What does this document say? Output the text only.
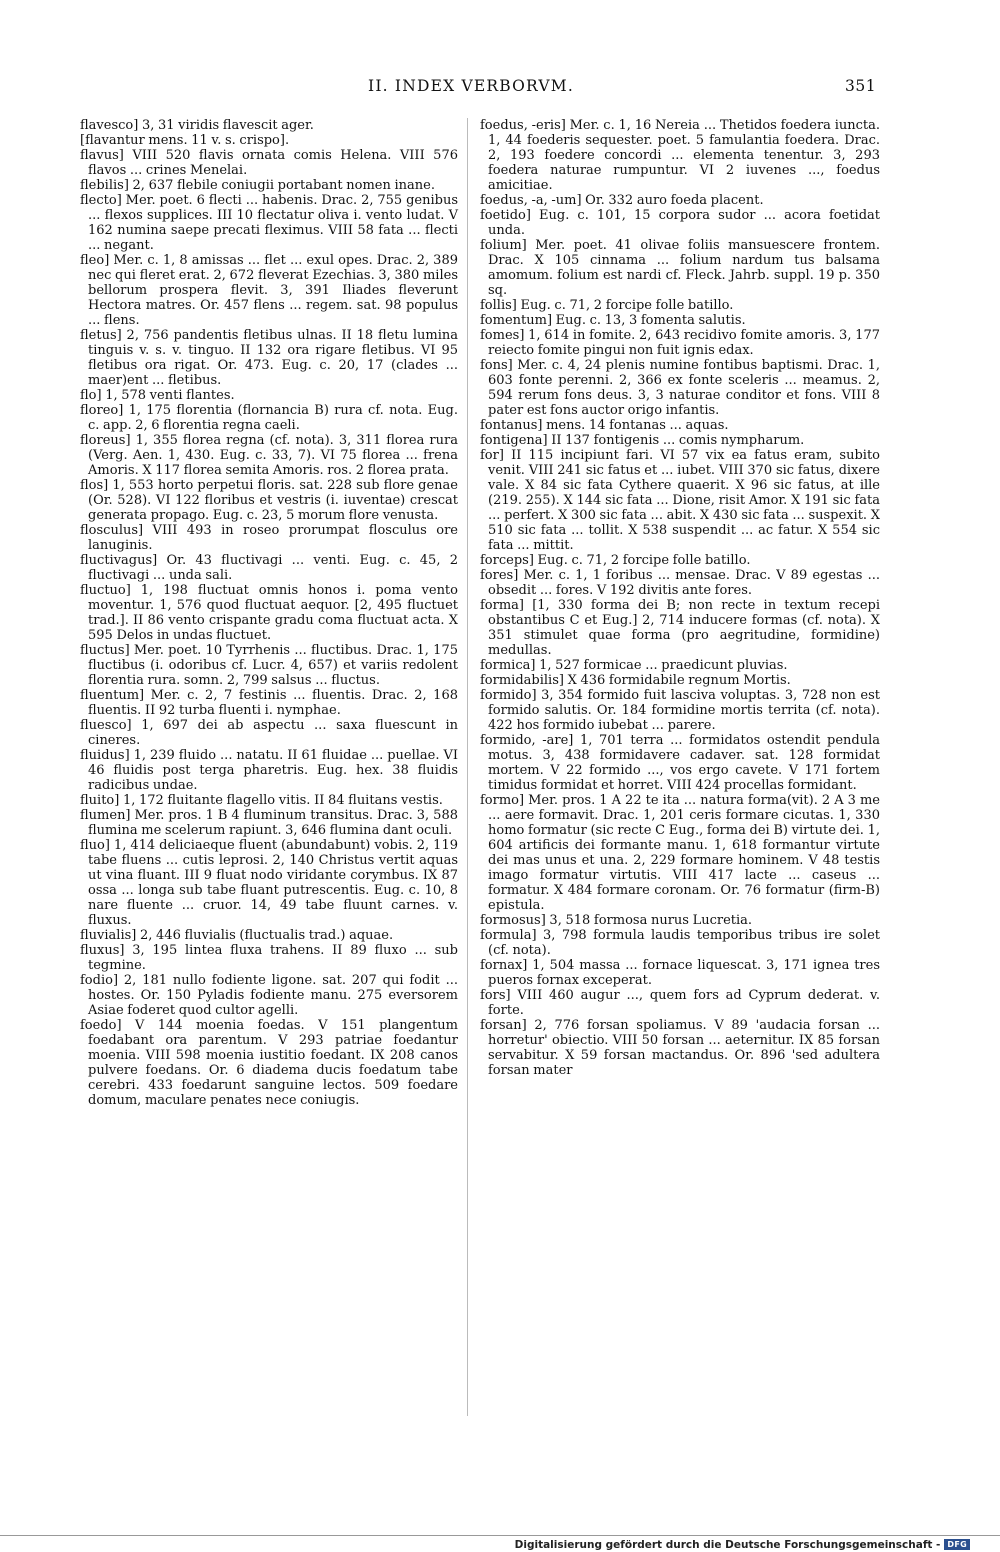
II. INDEX VERBORVM.	351

flavesco] 3, 31 viridis flavescit ager.

[flavantur mens. 11 v. s. crispo].

flavus] VIII 520 flavis ornata comis Helena. VIII 576 flavos ... crines Menelai.

flebilis] 2, 637 flebile coniugii portabant nomen inane.

flecto] Mer. poet. 6 flecti ... habenis. Drac. 2, 755 genibus ... flexos supplices. III 10 flectatur oliva i. vento ludat. V 162 numina saepe precati fleximus. VIII 58 fata ... flecti ... negant.

fleo] Mer. c. 1, 8 amissas ... flet ... exul opes. Drac. 2, 389 nec qui fleret erat. 2, 672 fleverat Ezechias. 3, 380 miles bellorum prospera flevit. 3, 391 Iliades fleverunt Hectora matres. Or. 457 flens ... regem. sat. 98 populus ... flens.

fletus] 2, 756 pandentis fletibus ulnas. II 18 fletu lumina tinguis v. s. v. tinguo. II 132 ora rigare fletibus. VI 95 fletibus ora rigat. Or. 473. Eug. c. 20, 17 (clades ... maer)ent ... fletibus.

flo] 1, 578 venti flantes.

floreo] 1, 175 florentia (flornancia B) rura cf. nota. Eug. c. app. 2, 6 florentia regna caeli.

floreus] 1, 355 florea regna (cf. nota). 3, 311 florea rura (Verg. Aen. 1, 430. Eug. c. 33, 7). VI 75 florea ... frena Amoris. X 117 florea semita Amoris. ros. 2 florea prata.

flos] 1, 553 horto perpetui floris. sat. 228 sub flore genae (Or. 528). VI 122 floribus et vestris (i. iuventae) crescat generata propago. Eug. c. 23, 5 morum flore venusta.

flosculus] VIII 493 in roseo prorumpat flosculus ore lanuginis.

fluctivagus] Or. 43 fluctivagi ... venti. Eug. c. 45, 2 fluctivagi ... unda sali.

fluctuo] 1, 198 fluctuat omnis honos i. poma vento moventur. 1, 576 quod fluctuat aequor. [2, 495 fluctuet trad.]. II 86 vento crispante gradu coma fluctuat acta. X 595 Delos in undas fluctuet.

fluctus] Mer. poet. 10 Tyrrhenis ... fluctibus. Drac. 1, 175 fluctibus (i. odoribus cf. Lucr. 4, 657) et variis redolent florentia rura. somn. 2, 799 salsus ... fluctus.

fluentum] Mer. c. 2, 7 festinis ... fluentis. Drac. 2, 168 fluentis. II 92 turba fluenti i. nymphae.

fluesco] 1, 697 dei ab aspectu ... saxa fluescunt in cineres.

fluidus] 1, 239 fluido ... natatu. II 61 fluidae ... puellae. VI 46 fluidis post terga pharetris. Eug. hex. 38 fluidis radicibus undae.

fluito] 1, 172 fluitante flagello vitis. II 84 fluitans vestis.

flumen] Mer. pros. 1 B 4 fluminum transitus. Drac. 3, 588 flumina me scelerum rapiunt. 3, 646 flumina dant oculi.

fluo] 1, 414 deliciaeque fluent (abundabunt) vobis. 2, 119 tabe fluens ... cutis leprosi. 2, 140 Christus vertit aquas ut vina fluant. III 9 fluat nodo viridante corymbus. IX 87 ossa ... longa sub tabe fluant putrescentis. Eug. c. 10, 8 nare fluente ... cruor. 14, 49 tabe fluunt carnes. v. fluxus.

fluvialis] 2, 446 fluvialis (fluctualis trad.) aquae.

fluxus] 3, 195 lintea fluxa trahens. II 89 fluxo ... sub tegmine.

fodio] 2, 181 nullo fodiente ligone. sat. 207 qui fodit ... hostes. Or. 150 Pyladis fodiente manu. 275 eversorem Asiae foderet quod cultor agelli.

foedo] V 144 moenia foedas. V 151 plangentum foedabant ora parentum. V 293 patriae foedantur moenia. VIII 598 moenia iustitio foedant. IX 208 canos pulvere foedans. Or. 6 diadema ducis foedatum tabe cerebri. 433 foedarunt sanguine lectos. 509 foedare domum, maculare penates nece coniugis.

foedus, -eris] Mer. c. 1, 16 Nereia ... Thetidos foedera iuncta. 1, 44 foederis sequester. poet. 5 famulantia foedera. Drac. 2, 193 foedere concordi ... elementa tenentur. 3, 293 foedera naturae rumpuntur. VI 2 iuvenes ..., foedus amicitiae.

foedus, -a, -um] Or. 332 auro foeda placent.

foetido] Eug. c. 101, 15 corpora sudor ... acora foetidat unda.

folium] Mer. poet. 41 olivae foliis mansuescere frontem. Drac. X 105 cinnama ... folium nardum tus balsama amomum. folium est nardi cf. Fleck. Jahrb. suppl. 19 p. 350 sq.

follis] Eug. c. 71, 2 forcipe folle batillo.

fomentum] Eug. c. 13, 3 fomenta salutis.

fomes] 1, 614 in fomite. 2, 643 recidivo fomite amoris. 3, 177 reiecto fomite pingui non fuit ignis edax.

fons] Mer. c. 4, 24 plenis numine fontibus baptismi. Drac. 1, 603 fonte perenni. 2, 366 ex fonte sceleris ... meamus. 2, 594 rerum fons deus. 3, 3 naturae conditor et fons. VIII 8 pater est fons auctor origo infantis.

fontanus] mens. 14 fontanas ... aquas.

fontigena] II 137 fontigenis ... comis nympharum.

for] II 115 incipiunt fari. VI 57 vix ea fatus eram, subito venit. VIII 241 sic fatus et ... iubet. VIII 370 sic fatus, dixere vale. X 84 sic fata Cythere quaerit. X 96 sic fatus, at ille (219. 255). X 144 sic fata ... Dione, risit Amor. X 191 sic fata ... perfert. X 300 sic fata ... abit. X 430 sic fata ... suspexit. X 510 sic fata ... tollit. X 538 suspendit ... ac fatur. X 554 sic fata ... mittit.

forceps] Eug. c. 71, 2 forcipe folle batillo.

fores] Mer. c. 1, 1 foribus ... mensae. Drac. V 89 egestas ... obsedit ... fores. V 192 divitis ante fores.

forma] [1, 330 forma dei B; non recte in textum recepi obstantibus C et Eug.] 2, 714 inducere formas (cf. nota). X 351 stimulet quae forma (pro aegritudine, formidine) medullas.

formica] 1, 527 formicae ... praedicunt pluvias.

formidabilis] X 436 formidabile regnum Mortis.

formido] 3, 354 formido fuit lasciva voluptas. 3, 728 non est formido salutis. Or. 184 formidine mortis territa (cf. nota). 422 hos formido iubebat ... parere.

formido, -are] 1, 701 terra ... formidatos ostendit pendula motus. 3, 438 formidavere cadaver. sat. 128 formidat mortem. V 22 formido ..., vos ergo cavete. V 171 fortem timidus formidat et horret. VIII 424 procellas formidant.

formo] Mer. pros. 1 A 22 te ita ... natura forma(vit). 2 A 3 me ... aere formavit. Drac. 1, 201 ceris formare cicutas. 1, 330 homo formatur (sic recte C Eug., forma dei B) virtute dei. 1, 604 artificis dei formante manu. 1, 618 formantur virtute dei mas unus et una. 2, 229 formare hominem. V 48 testis imago formatur virtutis. VIII 417 lacte ... caseus ... formatur. X 484 formare coronam. Or. 76 formatur (firm-B) epistula.

formosus] 3, 518 formosa nurus Lucretia.

formula] 3, 798 formula laudis temporibus tribus ire solet (cf. nota).

fornax] 1, 504 massa ... fornace liquescat. 3, 171 ignea tres pueros fornax exceperat.

fors] VIII 460 augur ..., quem fors ad Cyprum dederat. v. forte.

forsan] 2, 776 forsan spoliamus. V 89 'audacia forsan ... horretur' obiectio. VIII 50 forsan ... aeternitur. IX 85 forsan servabitur. X 59 forsan mactandus. Or. 896 'sed adultera forsan mater

Digitalisierung gefördert durch die Deutsche Forschungsgemeinschaft - DFG
